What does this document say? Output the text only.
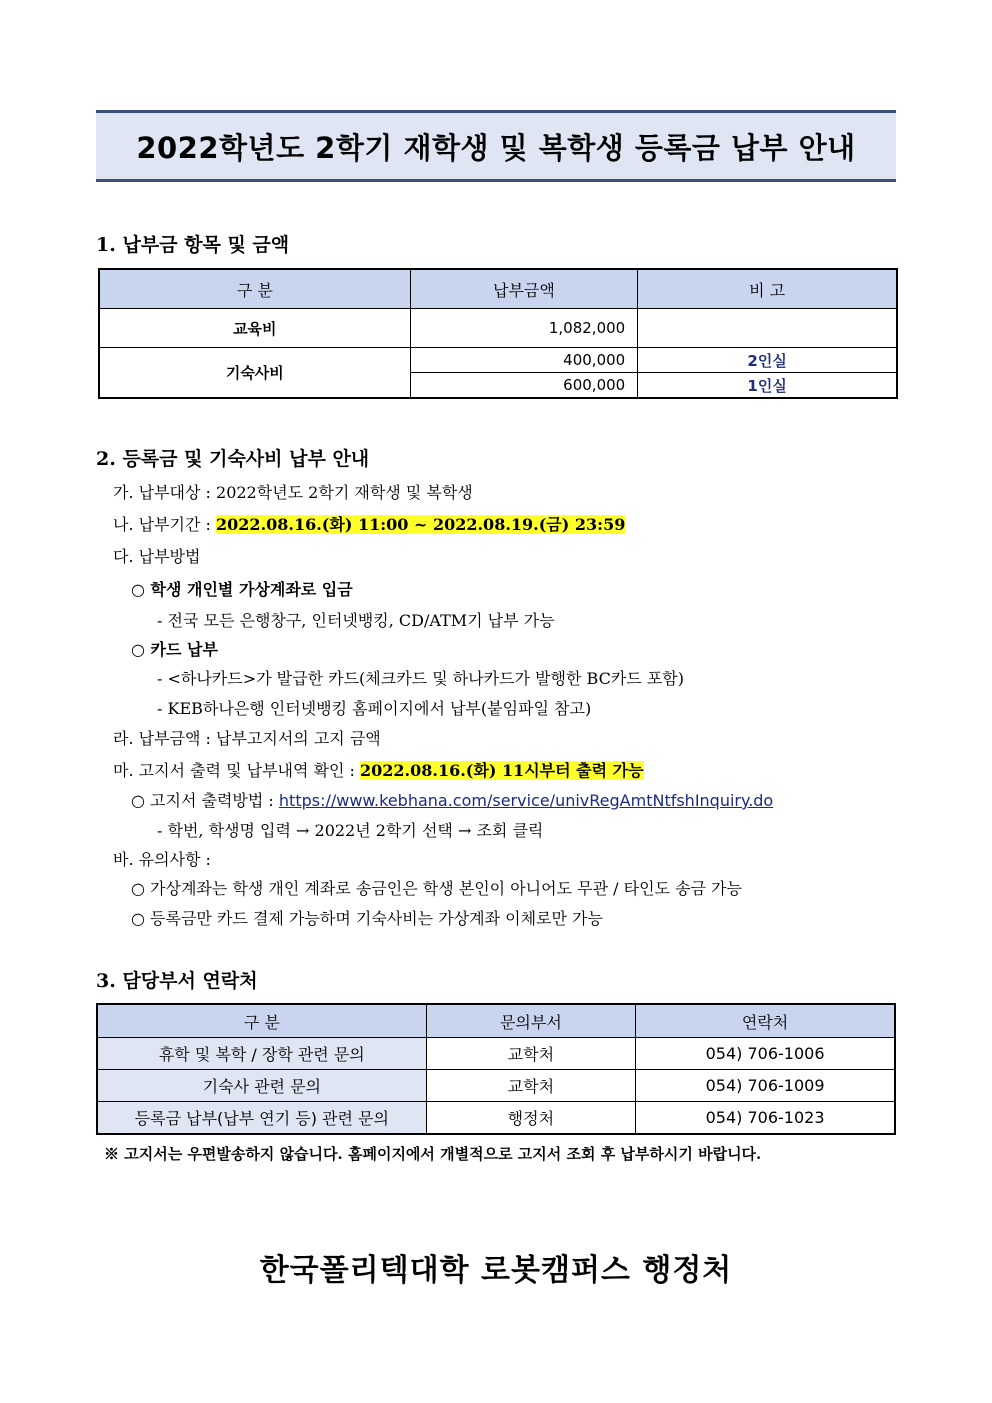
2022학년도 2학기 재학생 및 복학생 등록금 납부 안내
1. 납부금 항목 및 금액
구 분	납부금액	비 고
교육비	1,082,000	
기숙사비	400,000	2인실
	600,000	1인실
2. 등록금 및 기숙사비 납부 안내
가. 납부대상 : 2022학년도 2학기 재학생 및 복학생
나. 납부기간 : 2022.08.16.(화) 11:00 ~ 2022.08.19.(금) 23:59
다. 납부방법
○ 학생 개인별 가상계좌로 입금
- 전국 모든 은행창구, 인터넷뱅킹, CD/ATM기 납부 가능
○ 카드 납부
- <하나카드>가 발급한 카드(체크카드 및 하나카드가 발행한 BC카드 포함)
- KEB하나은행 인터넷뱅킹 홈페이지에서 납부(붙임파일 참고)
라. 납부금액 : 납부고지서의 고지 금액
마. 고지서 출력 및 납부내역 확인 : 2022.08.16.(화) 11시부터 출력 가능
○ 고지서 출력방법 : https://www.kebhana.com/service/univRegAmtNtfshInquiry.do
- 학번, 학생명 입력 → 2022년 2학기 선택 → 조회 클릭
바. 유의사항 :
○ 가상계좌는 학생 개인 계좌로 송금인은 학생 본인이 아니어도 무관 / 타인도 송금 가능
○ 등록금만 카드 결제 가능하며 기숙사비는 가상계좌 이체로만 가능
3. 담당부서 연락처
구 분	문의부서	연락처
휴학 및 복학 / 장학 관련 문의	교학처	054) 706-1006
기숙사 관련 문의	교학처	054) 706-1009
등록금 납부(납부 연기 등) 관련 문의	행정처	054) 706-1023
※ 고지서는 우편발송하지 않습니다. 홈페이지에서 개별적으로 고지서 조회 후 납부하시기 바랍니다.
한국폴리텍대학 로봇캠퍼스 행정처
